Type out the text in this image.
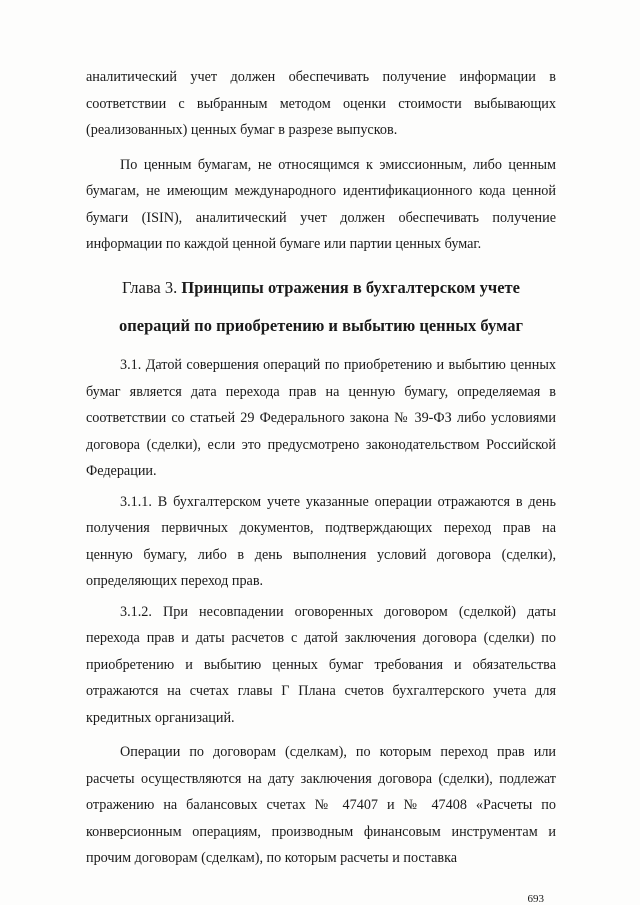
аналитический учет должен обеспечивать получение информации в соответствии с выбранным методом оценки стоимости выбывающих (реализованных) ценных бумаг в разрезе выпусков.

По ценным бумагам, не относящимся к эмиссионным, либо ценным бумагам, не имеющим международного идентификационного кода ценной бумаги (ISIN), аналитический учет должен обеспечивать получение информации по каждой ценной бумаге или партии ценных бумаг.

Глава 3. Принципы отражения в бухгалтерском учете
операций по приобретению и выбытию ценных бумаг

3.1. Датой совершения операций по приобретению и выбытию ценных бумаг является дата перехода прав на ценную бумагу, определяемая в соответствии со статьей 29 Федерального закона № 39-ФЗ либо условиями договора (сделки), если это предусмотрено законодательством Российской Федерации.

3.1.1. В бухгалтерском учете указанные операции отражаются в день получения первичных документов, подтверждающих переход прав на ценную бумагу, либо в день выполнения условий договора (сделки), определяющих переход прав.

3.1.2. При несовпадении оговоренных договором (сделкой) даты перехода прав и даты расчетов с датой заключения договора (сделки) по приобретению и выбытию ценных бумаг требования и обязательства отражаются на счетах главы Г Плана счетов бухгалтерского учета для кредитных организаций.

Операции по договорам (сделкам), по которым переход прав или расчеты осуществляются на дату заключения договора (сделки), подлежат отражению на балансовых счетах № 47407 и № 47408 «Расчеты по конверсионным операциям, производным финансовым инструментам и прочим договорам (сделкам), по которым расчеты и поставка

693
